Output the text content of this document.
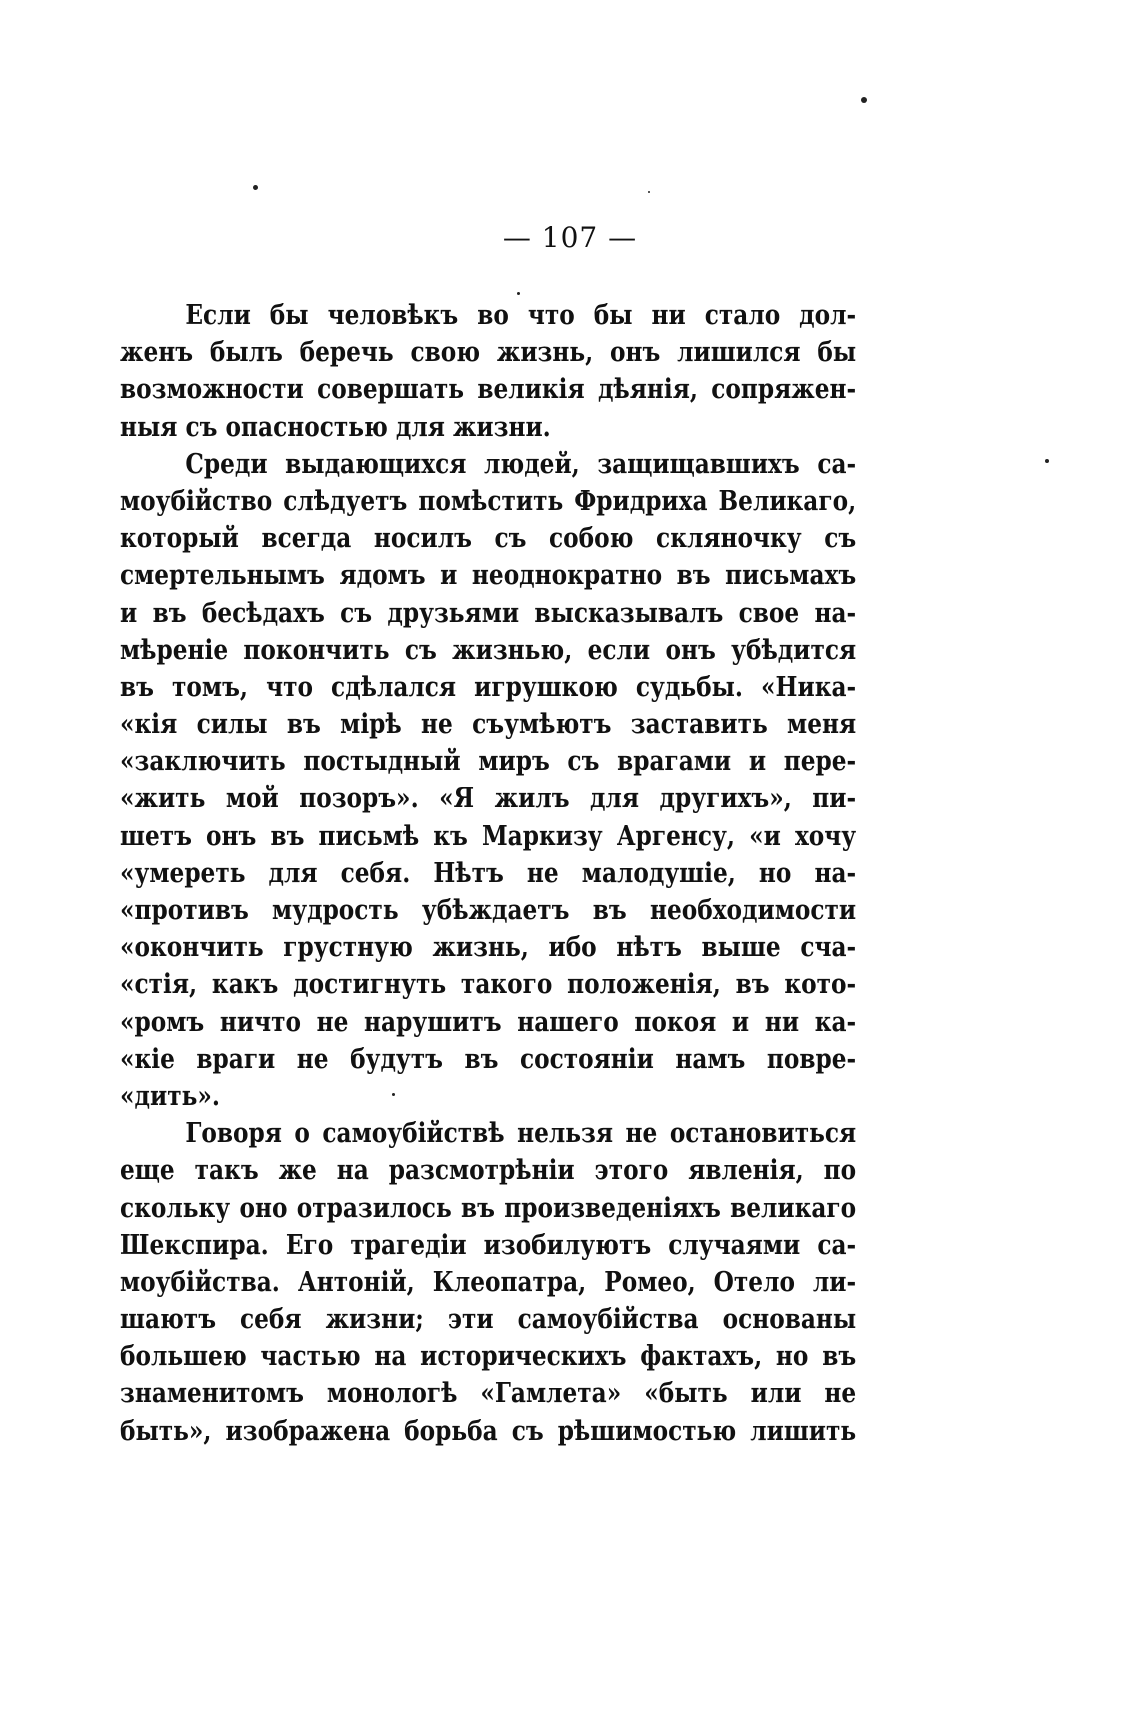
— 107 —
Если бы человѣкъ во что бы ни стало дол-
женъ былъ беречь свою жизнь, онъ лишился бы
возможности совершать великія дѣянія, сопряжен-
ныя съ опасностью для жизни.
Среди выдающихся людей, защищавшихъ са-
моубійство слѣдуетъ помѣстить Фридриха Великаго,
который всегда носилъ съ собою скляночку съ
смертельнымъ ядомъ и неоднократно въ письмахъ
и въ бесѣдахъ съ друзьями высказывалъ свое на-
мѣреніе покончить съ жизнью, если онъ убѣдится
въ томъ, что сдѣлался игрушкою судьбы. «Ника-
«кія силы въ мірѣ не съумѣютъ заставить меня
«заключить постыдный миръ съ врагами и пере-
«жить мой позоръ». «Я жилъ для другихъ», пи-
шетъ онъ въ письмѣ къ Маркизу Аргенсу, «и хочу
«умереть для себя. Нѣтъ не малодушіе, но на-
«противъ мудрость убѣждаетъ въ необходимости
«окончить грустную жизнь, ибо нѣтъ выше сча-
«стія, какъ достигнуть такого положенія, въ кото-
«ромъ ничто не нарушитъ нашего покоя и ни ка-
«кіе враги не будутъ въ состояніи намъ повре-
«дить».
Говоря о самоубійствѣ нельзя не остановиться
еще такъ же на разсмотрѣніи этого явленія, по
скольку оно отразилось въ произведеніяхъ великаго
Шекспира. Его трагедіи изобилуютъ случаями са-
моубійства. Антоній, Клеопатра, Ромео, Отело ли-
шаютъ себя жизни; эти самоубійства основаны
большею частью на историческихъ фактахъ, но въ
знаменитомъ монологѣ «Гамлета» «быть или не
быть», изображена борьба съ рѣшимостью лишить
